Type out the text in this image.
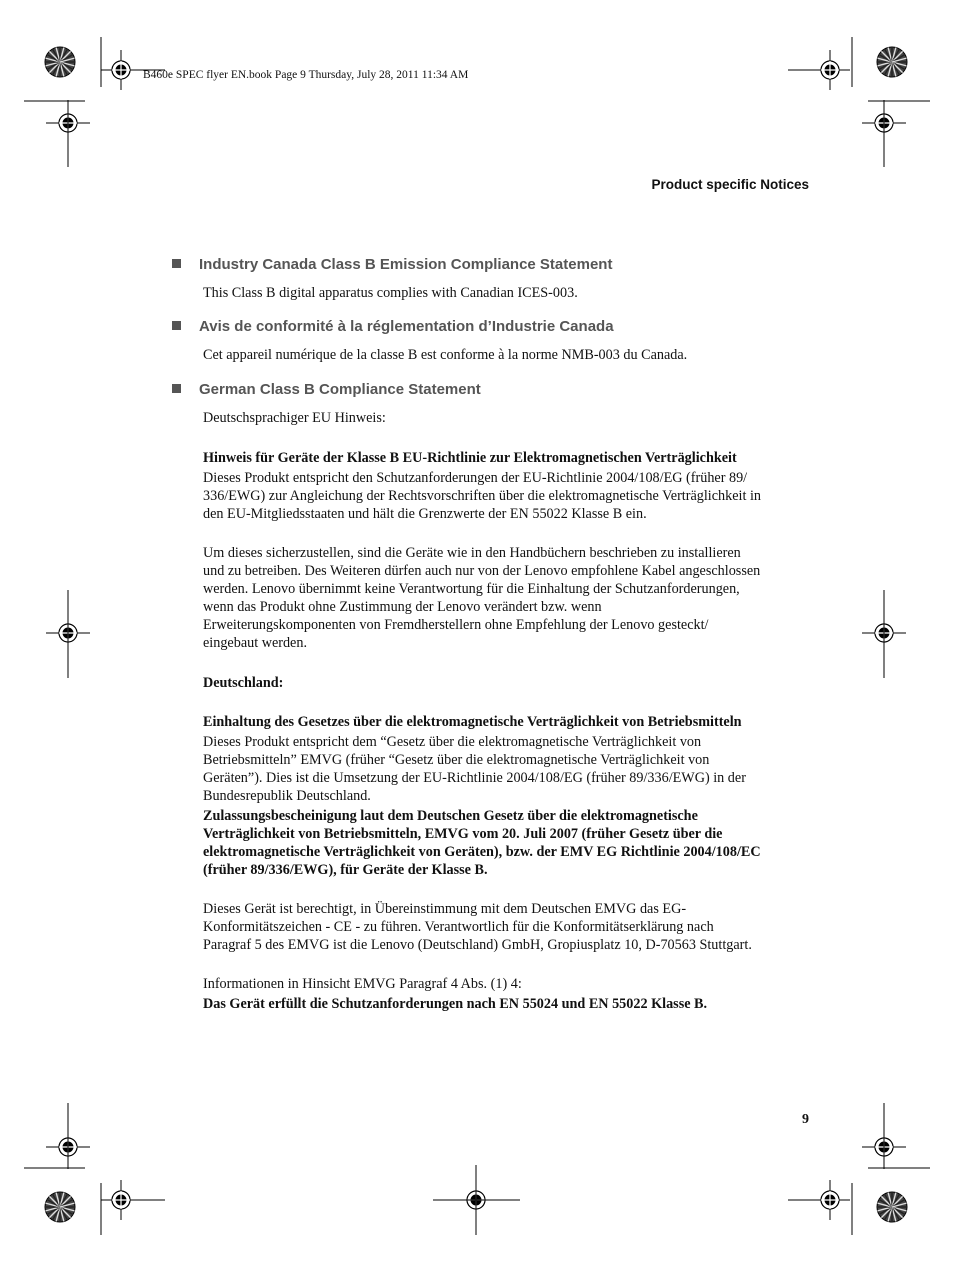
B460e SPEC flyer EN.book Page 9 Thursday, July 28, 2011 11:34 AM
Product specific Notices
Industry Canada Class B Emission Compliance Statement
This Class B digital apparatus complies with Canadian ICES-003.
Avis de conformité à la réglementation d’Industrie Canada
Cet appareil numérique de la classe B est conforme à la norme NMB-003 du Canada.
German Class B Compliance Statement
Deutschsprachiger EU Hinweis:
Hinweis für Geräte der Klasse B EU-Richtlinie zur Elektromagnetischen Verträglichkeit
Dieses Produkt entspricht den Schutzanforderungen der EU-Richtlinie 2004/108/EG (früher 89/
336/EWG) zur Angleichung der Rechtsvorschriften über die elektromagnetische Verträglichkeit in
den EU-Mitgliedsstaaten und hält die Grenzwerte der EN 55022 Klasse B ein.
Um dieses sicherzustellen, sind die Geräte wie in den Handbüchern beschrieben zu installieren
und zu betreiben. Des Weiteren dürfen auch nur von der Lenovo empfohlene Kabel angeschlossen
werden. Lenovo übernimmt keine Verantwortung für die Einhaltung der Schutzanforderungen,
wenn das Produkt ohne Zustimmung der Lenovo verändert bzw. wenn
Erweiterungskomponenten von Fremdherstellern ohne Empfehlung der Lenovo gesteckt/
eingebaut werden.
Deutschland:
Einhaltung des Gesetzes über die elektromagnetische Verträglichkeit von Betriebsmitteln
Dieses Produkt entspricht dem “Gesetz über die elektromagnetische Verträglichkeit von
Betriebsmitteln” EMVG (früher “Gesetz über die elektromagnetische Verträglichkeit von
Geräten”). Dies ist die Umsetzung der EU-Richtlinie 2004/108/EG (früher 89/336/EWG) in der
Bundesrepublik Deutschland.
Zulassungsbescheinigung laut dem Deutschen Gesetz über die elektromagnetische
Verträglichkeit von Betriebsmitteln, EMVG vom 20. Juli 2007 (früher Gesetz über die
elektromagnetische Verträglichkeit von Geräten), bzw. der EMV EG Richtlinie 2004/108/EC
(früher 89/336/EWG), für Geräte der Klasse B.
Dieses Gerät ist berechtigt, in Übereinstimmung mit dem Deutschen EMVG das EG-
Konformitätszeichen - CE - zu führen. Verantwortlich für die Konformitätserklärung nach
Paragraf 5 des EMVG ist die Lenovo (Deutschland) GmbH, Gropiusplatz 10, D-70563 Stuttgart.
Informationen in Hinsicht EMVG Paragraf 4 Abs. (1) 4:
Das Gerät erfüllt die Schutzanforderungen nach EN 55024 und EN 55022 Klasse B.
9
